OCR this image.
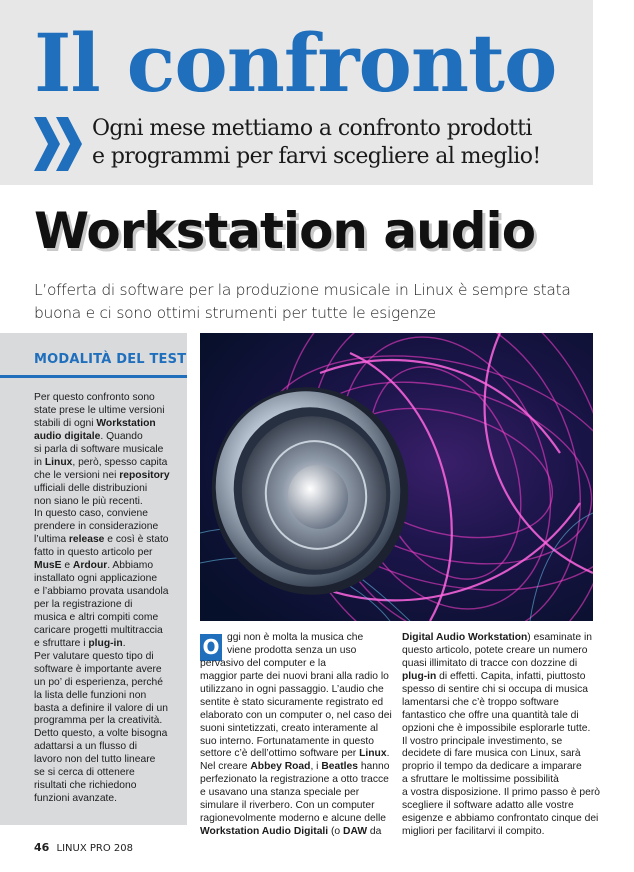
Il confronto
Ogni mese mettiamo a confronto prodotti
e programmi per farvi scegliere al meglio!
Workstation audio
L’offerta di software per la produzione musicale in Linux è sempre stata
buona e ci sono ottimi strumenti per tutte le esigenze
MODALITÀ DEL TEST
Per questo confronto sono
state prese le ultime versioni
stabili di ogni Workstation
audio digitale. Quando
si parla di software musicale
in Linux, però, spesso capita
che le versioni nei repository
ufficiali delle distribuzioni
non siano le più recenti.
In questo caso, conviene
prendere in considerazione
l’ultima release e così è stato
fatto in questo articolo per
MusE e Ardour. Abbiamo
installato ogni applicazione
e l’abbiamo provata usandola
per la registrazione di
musica e altri compiti come
caricare progetti multitraccia
e sfruttare i plug-in.
Per valutare questo tipo di
software è importante avere
un po’ di esperienza, perché
la lista delle funzioni non
basta a definire il valore di un
programma per la creatività.
Detto questo, a volte bisogna
adattarsi a un flusso di
lavoro non del tutto lineare
se si cerca di ottenere
risultati che richiedono
funzioni avanzate.
O ggi non è molta la musica che
viene prodotta senza un uso
pervasivo del computer e la
maggior parte dei nuovi brani alla radio lo
utilizzano in ogni passaggio. L’audio che
sentite è stato sicuramente registrato ed
elaborato con un computer o, nel caso dei
suoni sintetizzati, creato interamente al
suo interno. Fortunatamente in questo
settore c’è dell’ottimo software per Linux.
Nel creare Abbey Road, i Beatles hanno
perfezionato la registrazione a otto tracce
e usavano una stanza speciale per
simulare il riverbero. Con un computer
ragionevolmente moderno e alcune delle
Workstation Audio Digitali (o DAW da
Digital Audio Workstation) esaminate in
questo articolo, potete creare un numero
quasi illimitato di tracce con dozzine di
plug-in di effetti. Capita, infatti, piuttosto
spesso di sentire chi si occupa di musica
lamentarsi che c’è troppo software
fantastico che offre una quantità tale di
opzioni che è impossibile esplorarle tutte.
Il vostro principale investimento, se
decidete di fare musica con Linux, sarà
proprio il tempo da dedicare a imparare
a sfruttare le moltissime possibilità
a vostra disposizione. Il primo passo è però
scegliere il software adatto alle vostre
esigenze e abbiamo confrontato cinque dei
migliori per facilitarvi il compito.
46 LINUX PRO 208
